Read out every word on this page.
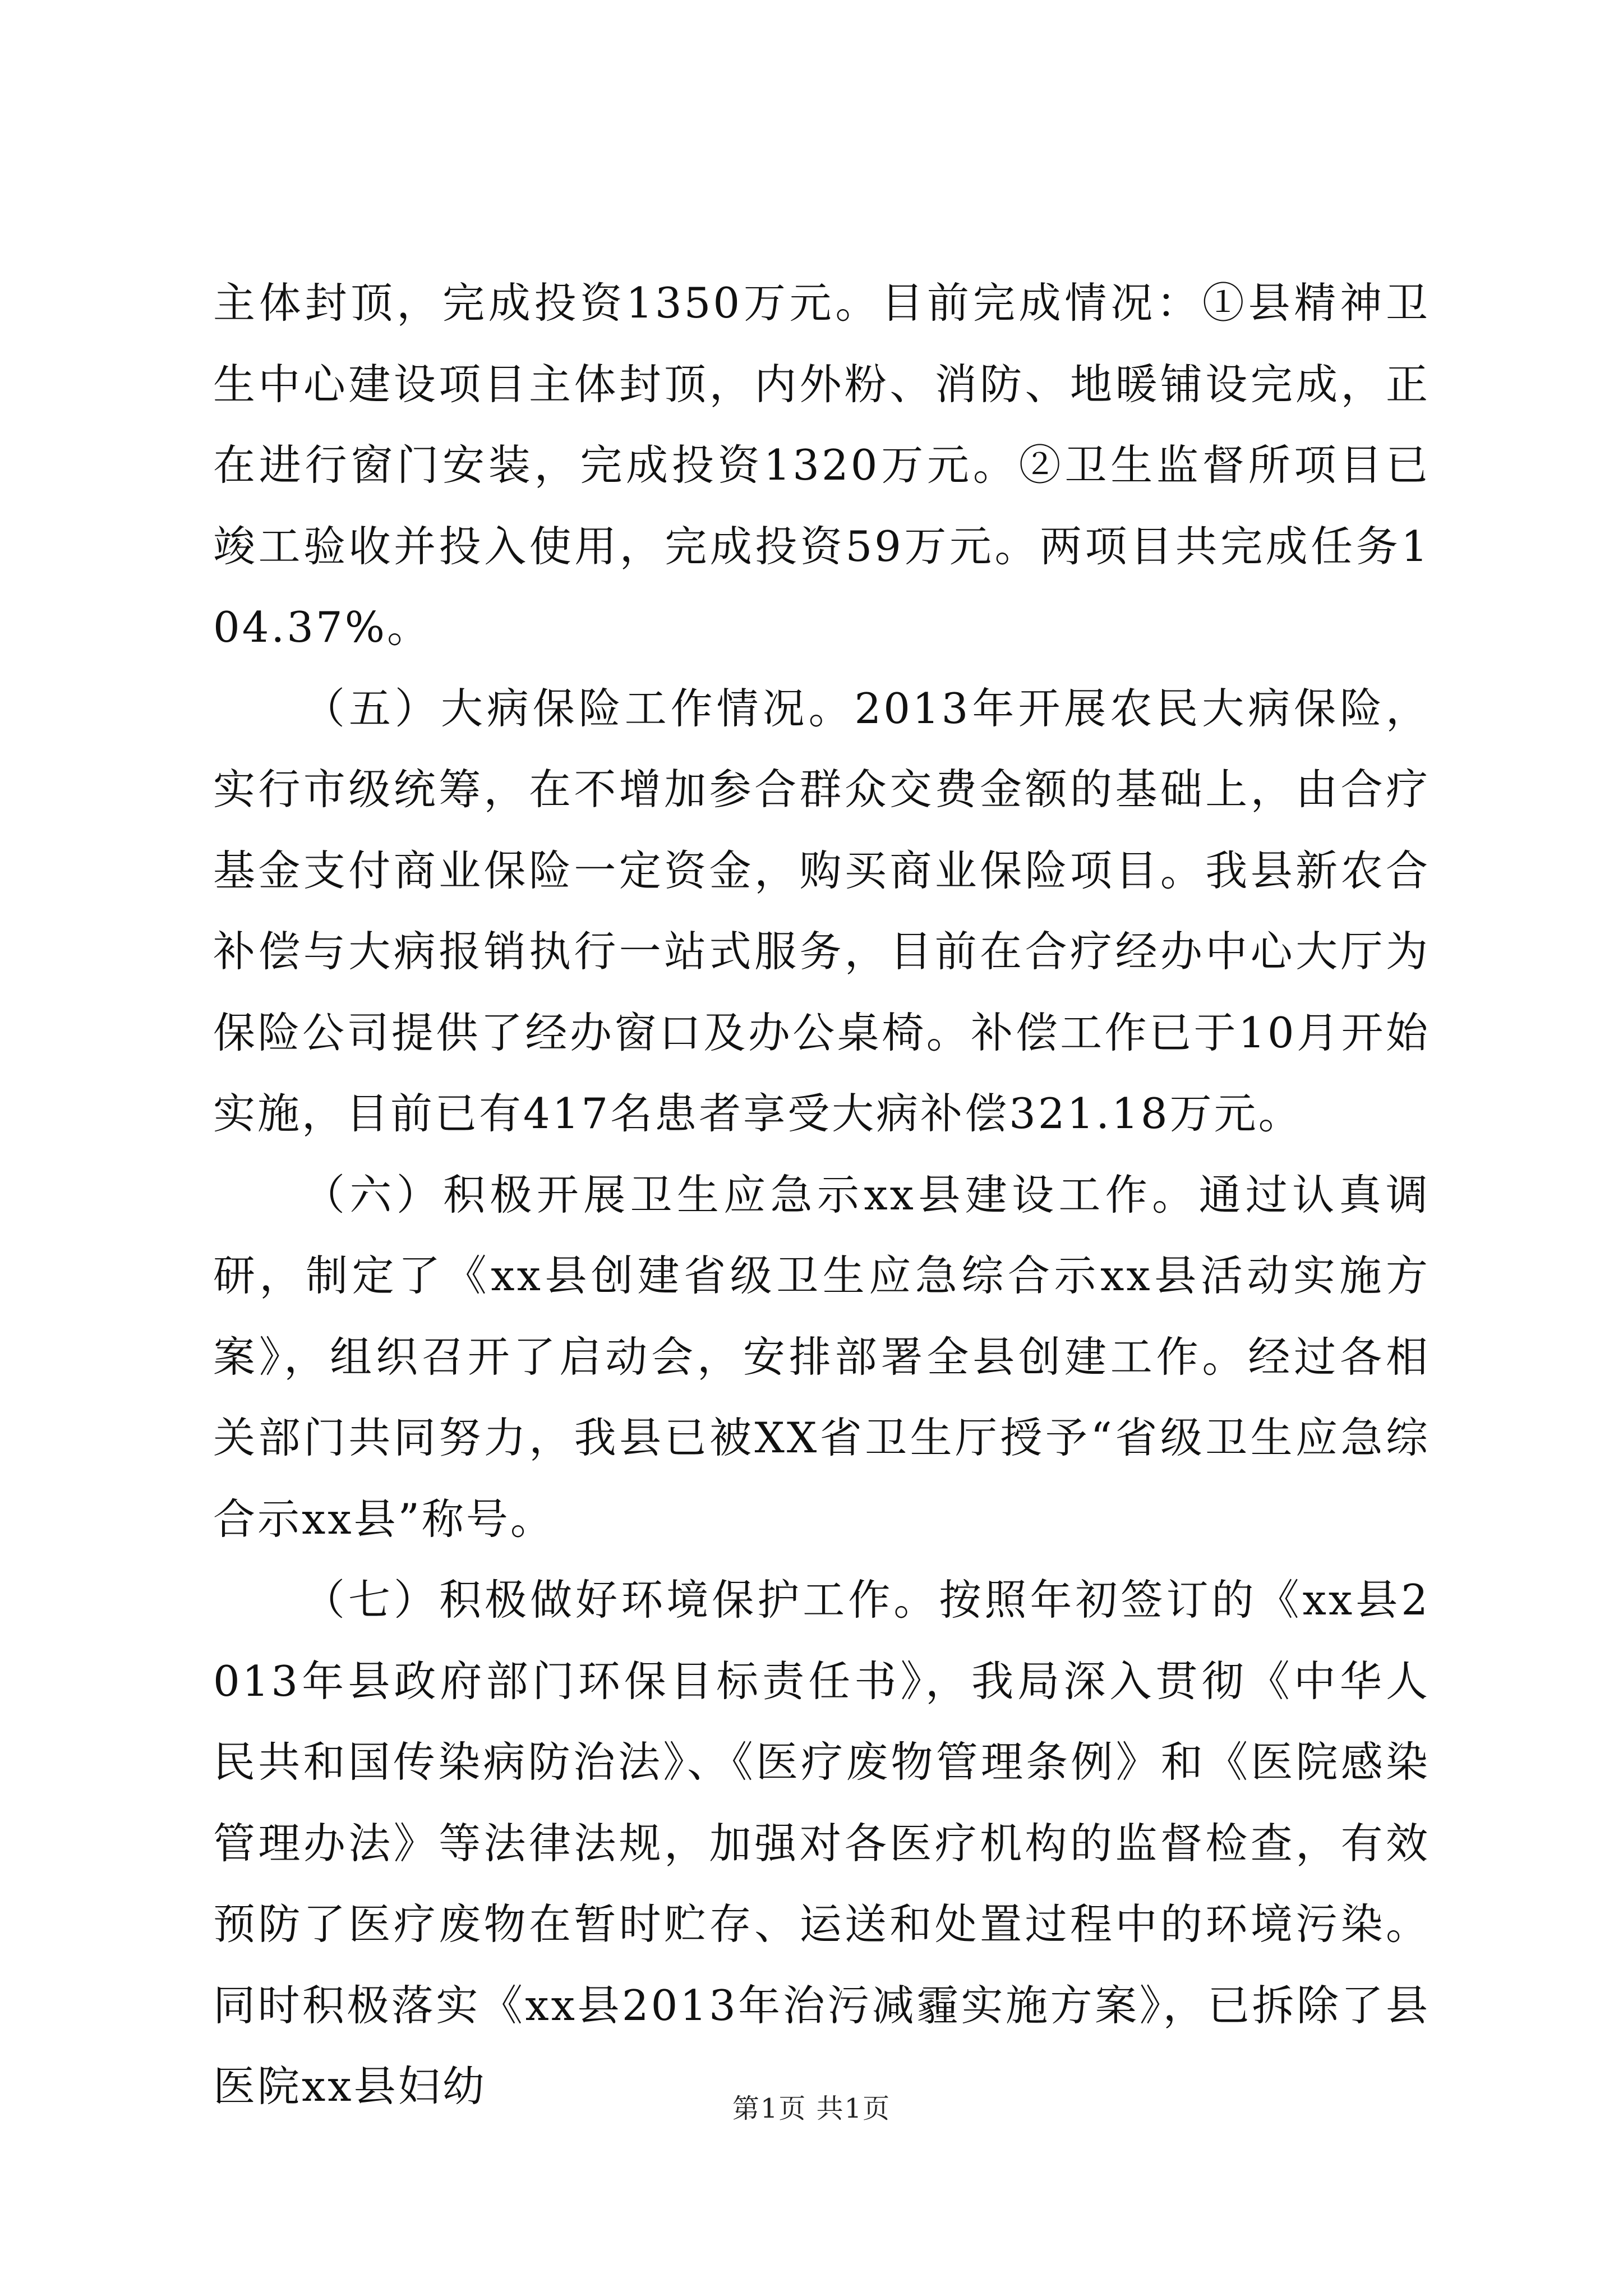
主体封顶，完成投资1350万元。目前完成情况：①县精神卫生中心建设项目主体封顶，内外粉、消防、地暖铺设完成，正在进行窗门安装，完成投资1320万元。②卫生监督所项目已竣工验收并投入使用，完成投资59万元。两项目共完成任务104.37%。

（五）大病保险工作情况。2013年开展农民大病保险，实行市级统筹，在不增加参合群众交费金额的基础上，由合疗基金支付商业保险一定资金，购买商业保险项目。我县新农合补偿与大病报销执行一站式服务，目前在合疗经办中心大厅为保险公司提供了经办窗口及办公桌椅。补偿工作已于10月开始实施，目前已有417名患者享受大病补偿321.18万元。

（六）积极开展卫生应急示xx县建设工作。通过认真调研，制定了《xx县创建省级卫生应急综合示xx县活动实施方案》，组织召开了启动会，安排部署全县创建工作。经过各相关部门共同努力，我县已被XX省卫生厅授予“省级卫生应急综合示xx县”称号。

（七）积极做好环境保护工作。按照年初签订的《xx县2013年县政府部门环保目标责任书》，我局深入贯彻《中华人民共和国传染病防治法》、《医疗废物管理条例》和《医院感染管理办法》等法律法规，加强对各医疗机构的监督检查，有效预防了医疗废物在暂时贮存、运送和处置过程中的环境污染。同时积极落实《xx县2013年治污减霾实施方案》，已拆除了县医院xx县妇幼	第1页 共1页
